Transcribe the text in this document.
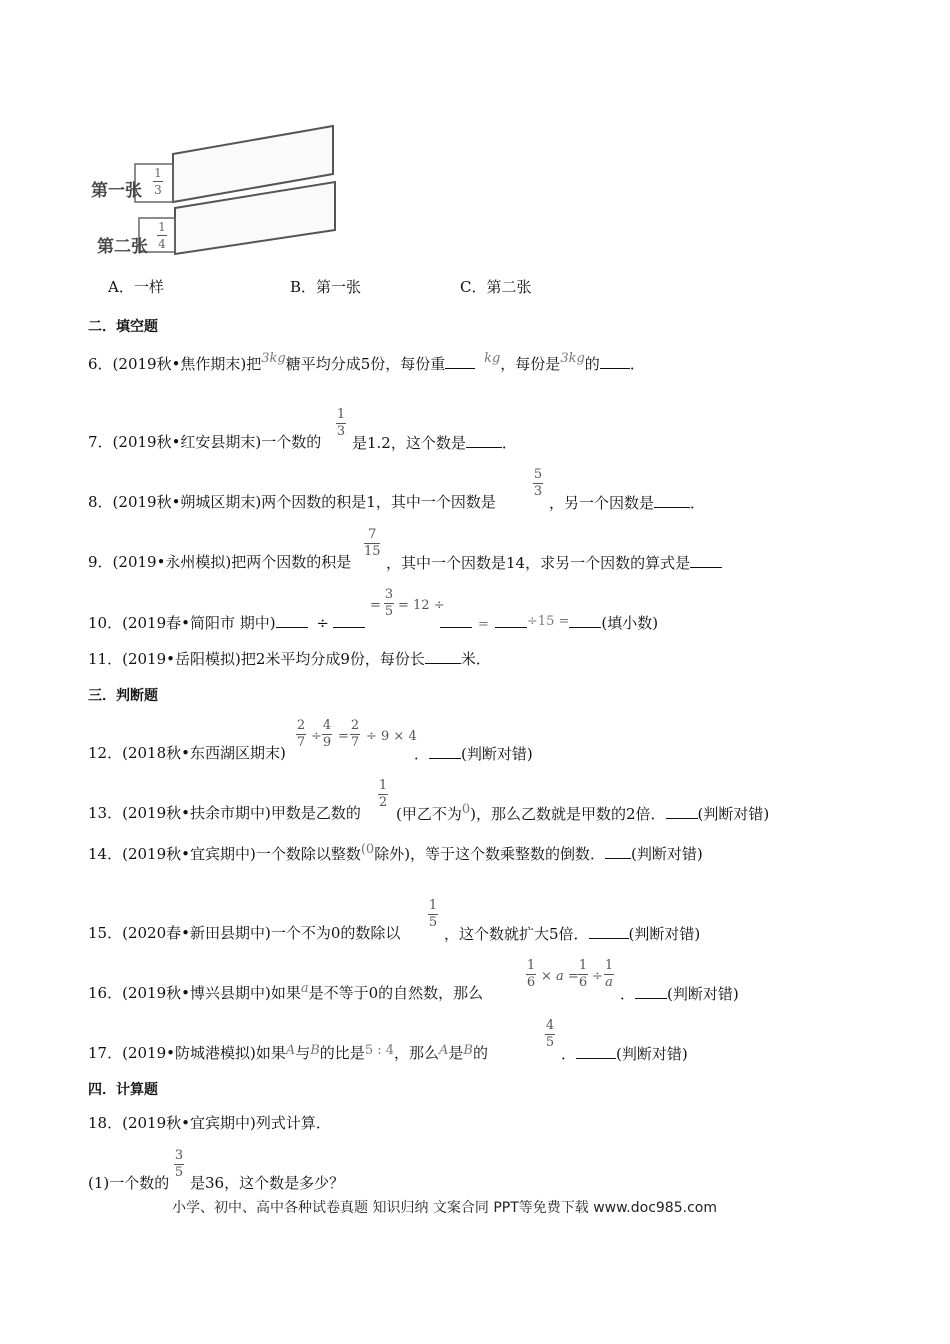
第一张
1
3
第二张
1
4
A．一样	B．第一张	C．第二张
二．填空题
6．(2019秋•焦作期末)把3kg糖平均分成5份，每份重	kg，每份是3kg的 ．
7．(2019秋•红安县期末)一个数的
1
3
是1.2，这个数是 ．
8．(2019秋•朔城区期末)两个因数的积是1，其中一个因数是
5
3
，另一个因数是 ．
9．(2019•永州模拟)把两个因数的积是
7
15
，其中一个因数是14，求另一个因数的算式是
10．(2019春•简阳市 期中)	÷
=
3
5 = 12 ÷
=	÷15 = (填小数)
11．(2019•岳阳模拟)把2米平均分成9份，每份长 米．
三．判断题
12．(2018秋•东西湖区期末)
2
7 ÷
4
9 =
2
7 ÷ 9 × 4
． (判断对错)
13．(2019秋•扶余市期中)甲数是乙数的
1
2
(甲乙不为0)，那么乙数就是甲数的2倍． (判断对错)
14．(2019秋•宜宾期中)一个数除以整数(0除外)，等于这个数乘整数的倒数． (判断对错)
15．(2020春•新田县期中)一个不为0的数除以
1
5
，这个数就扩大5倍．	(判断对错)
16．(2019秋•博兴县期中)如果a是不等于0的自然数，那么
1
6 × a =
1
6 ÷
1
a
． (判断对错)
17．(2019•防城港模拟)如果A与B的比是5 : 4，那么A是B的
4
5
．	(判断对错)
四．计算题
18．(2019秋•宜宾期中)列式计算．
(1)一个数的
3
5
是36，这个数是多少？
小学、初中、高中各种试卷真题 知识归纳 文案合同 PPT等免费下载 www.doc985.com
